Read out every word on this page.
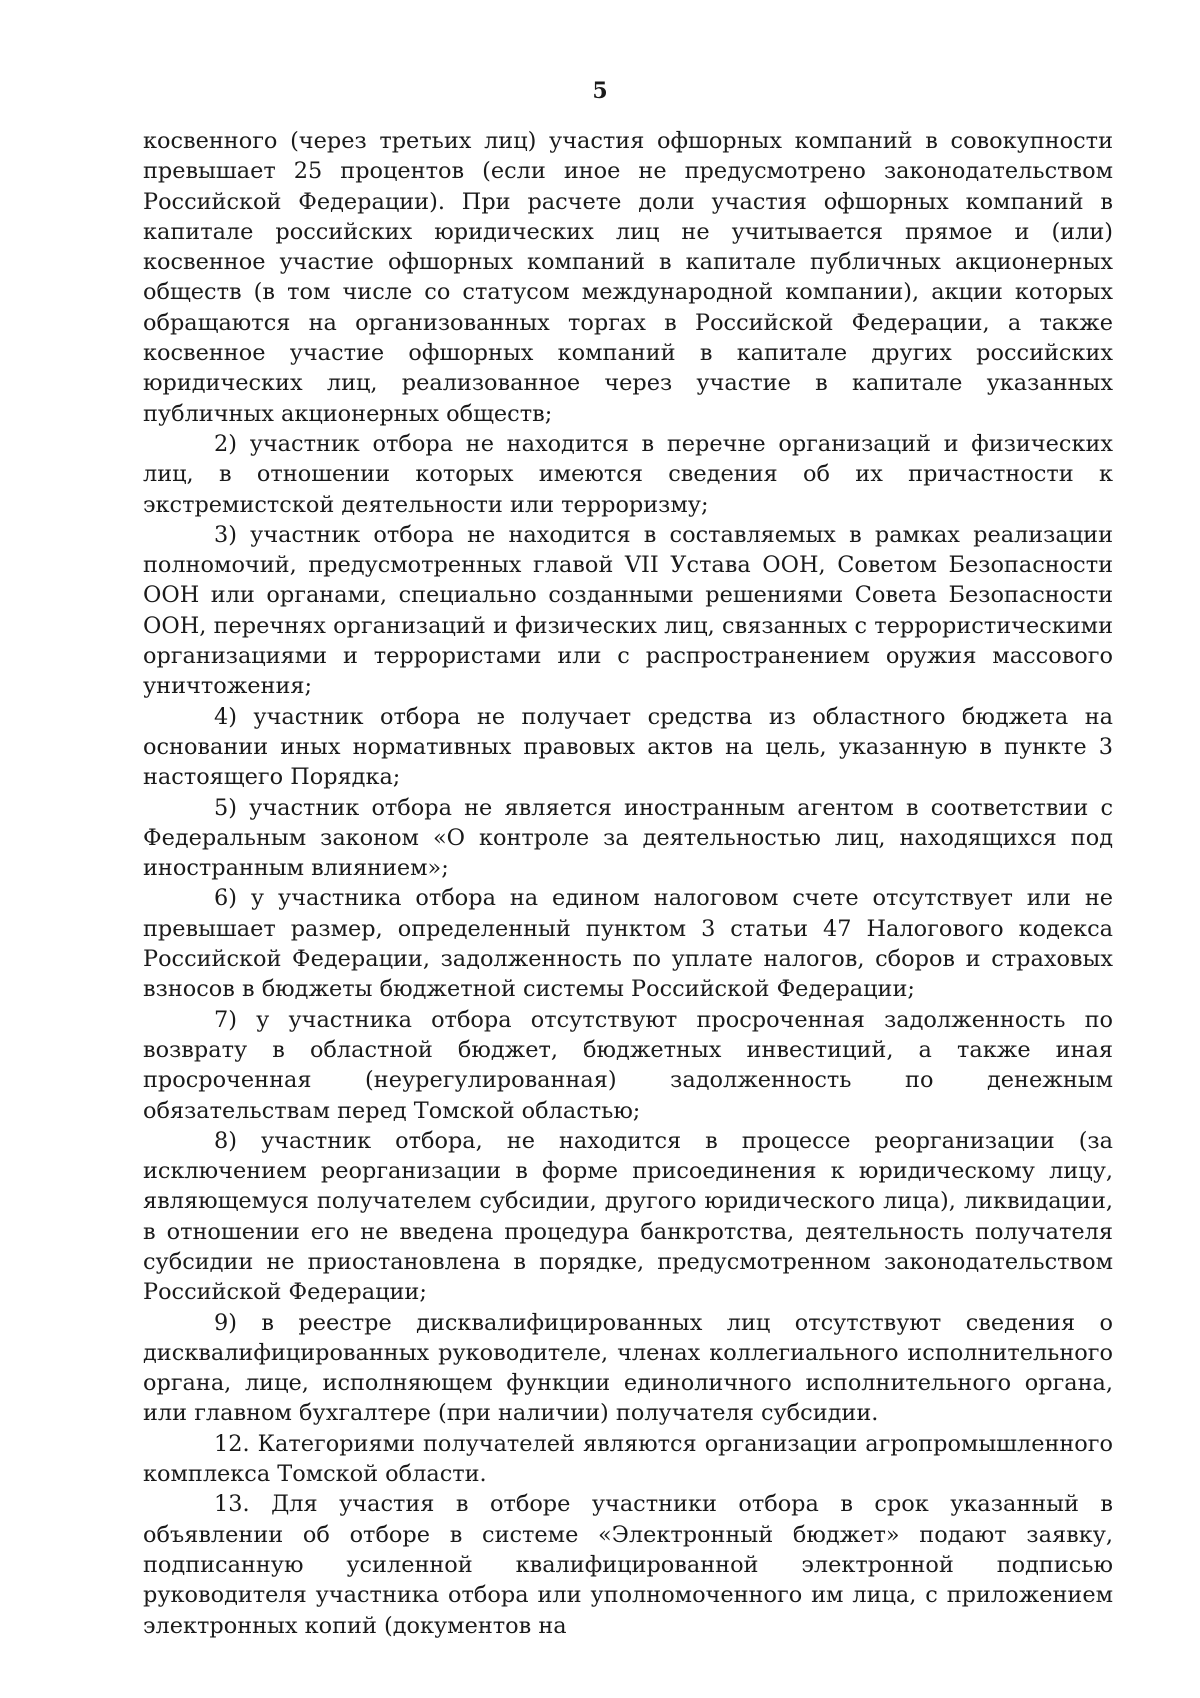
5

косвенного (через третьих лиц) участия офшорных компаний в совокупности превышает 25 процентов (если иное не предусмотрено законодательством Российской Федерации). При расчете доли участия офшорных компаний в капитале российских юридических лиц не учитывается прямое и (или) косвенное участие офшорных компаний в капитале публичных акционерных обществ (в том числе со статусом международной компании), акции которых обращаются на организованных торгах в Российской Федерации, а также косвенное участие офшорных компаний в капитале других российских юридических лиц, реализованное через участие в капитале указанных публичных акционерных обществ;

2) участник отбора не находится в перечне организаций и физических лиц, в отношении которых имеются сведения об их причастности к экстремистской деятельности или терроризму;

3) участник отбора не находится в составляемых в рамках реализации полномочий, предусмотренных главой VII Устава ООН, Советом Безопасности ООН или органами, специально созданными решениями Совета Безопасности ООН, перечнях организаций и физических лиц, связанных с террористическими организациями и террористами или с распространением оружия массового уничтожения;

4) участник отбора не получает средства из областного бюджета на основании иных нормативных правовых актов на цель, указанную в пункте 3 настоящего Порядка;

5) участник отбора не является иностранным агентом в соответствии с Федеральным законом «О контроле за деятельностью лиц, находящихся под иностранным влиянием»;

6) у участника отбора на едином налоговом счете отсутствует или не превышает размер, определенный пунктом 3 статьи 47 Налогового кодекса Российской Федерации, задолженность по уплате налогов, сборов и страховых взносов в бюджеты бюджетной системы Российской Федерации;

7) у участника отбора отсутствуют просроченная задолженность по возврату в областной бюджет, бюджетных инвестиций, а также иная просроченная (неурегулированная) задолженность по денежным обязательствам перед Томской областью;

8) участник отбора, не находится в процессе реорганизации (за исключением реорганизации в форме присоединения к юридическому лицу, являющемуся получателем субсидии, другого юридического лица), ликвидации, в отношении его не введена процедура банкротства, деятельность получателя субсидии не приостановлена в порядке, предусмотренном законодательством Российской Федерации;

9) в реестре дисквалифицированных лиц отсутствуют сведения о дисквалифицированных руководителе, членах коллегиального исполнительного органа, лице, исполняющем функции единоличного исполнительного органа, или главном бухгалтере (при наличии) получателя субсидии.

12. Категориями получателей являются организации агропромышленного комплекса Томской области.

13. Для участия в отборе участники отбора в срок указанный в объявлении об отборе в системе «Электронный бюджет» подают заявку, подписанную усиленной квалифицированной электронной подписью руководителя участника отбора или уполномоченного им лица, с приложением электронных копий (документов на
